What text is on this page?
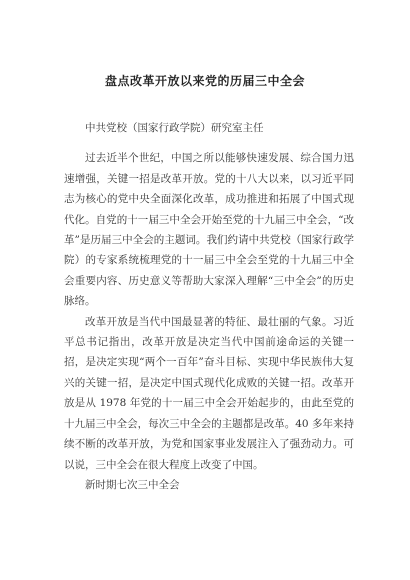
盘点改革开放以来党的历届三中全会

中共党校（国家行政学院）研究室主任

过去近半个世纪，中国之所以能够快速发展、综合国力迅速增强，关键一招是改革开放。党的十八大以来，以习近平同志为核心的党中央全面深化改革，成功推进和拓展了中国式现代化。自党的十一届三中全会开始至党的十九届三中全会，“改革”是历届三中全会的主题词。我们约请中共党校（国家行政学院）的专家系统梳理党的十一届三中全会至党的十九届三中全会重要内容、历史意义等帮助大家深入理解“三中全会”的历史脉络。

改革开放是当代中国最显著的特征、最壮丽的气象。习近平总书记指出，改革开放是决定当代中国前途命运的关键一招，是决定实现“两个一百年”奋斗目标、实现中华民族伟大复兴的关键一招，是决定中国式现代化成败的关键一招。改革开放是从 1978 年党的十一届三中全会开始起步的，由此至党的十九届三中全会，每次三中全会的主题都是改革。40 多年来持续不断的改革开放，为党和国家事业发展注入了强劲动力。可以说，三中全会在很大程度上改变了中国。

新时期七次三中全会
